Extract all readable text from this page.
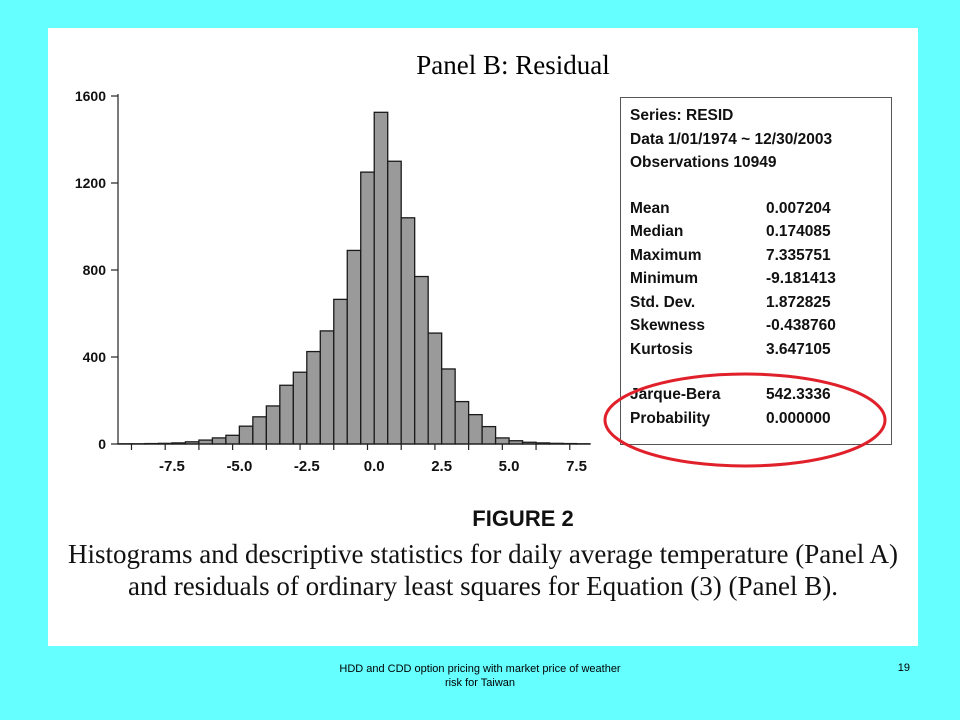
Panel B: Residual
0
400
800
1200
1600
-7.5	-5.0	-2.5	0.0	2.5	5.0	7.5
Series: RESID
Data 1/01/1974 ~ 12/30/2003
Observations 10949
Mean	0.007204
Median	0.174085
Maximum	7.335751
Minimum	-9.181413
Std. Dev.	1.872825
Skewness	-0.438760
Kurtosis	3.647105
Jarque-Bera	542.3336
Probability	0.000000
FIGURE 2

Histograms and descriptive statistics for daily average temperature (Panel A) and residuals of ordinary least squares for Equation (3) (Panel B).

HDD and CDD option pricing with market price of weather risk for Taiwan
19
